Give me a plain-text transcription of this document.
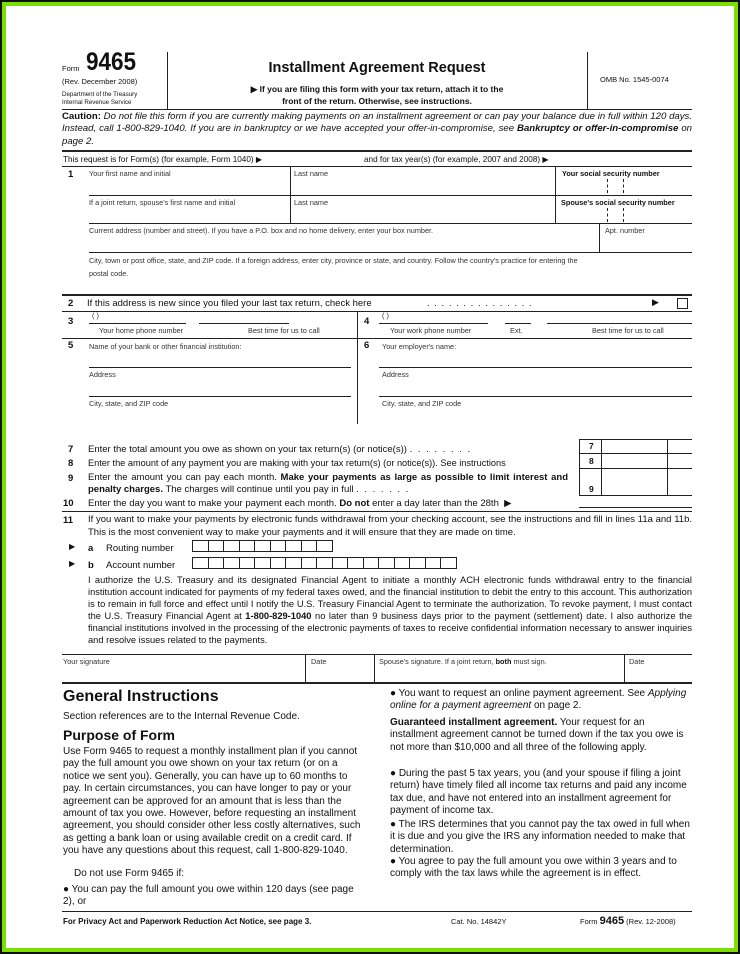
Form 9465
(Rev. December 2008)
Department of the Treasury
Internal Revenue Service
Installment Agreement Request
▶ If you are filing this form with your tax return, attach it to the
front of the return. Otherwise, see instructions.
OMB No. 1545-0074
Caution: Do not file this form if you are currently making payments on an installment agreement or can pay your balance due in full within 120 days. Instead, call 1-800-829-1040. If you are in bankruptcy or we have accepted your offer-in-compromise, see Bankruptcy or offer-in-compromise on page 2.
This request is for Form(s) (for example, Form 1040) ▶	and for tax year(s) (for example, 2007 and 2008) ▶
1 Your first name and initial	Last name	Your social security number
If a joint return, spouse's first name and initial	Last name	Spouse's social security number
Current address (number and street). If you have a P.O. box and no home delivery, enter your box number.	Apt. number
City, town or post office, state, and ZIP code. If a foreign address, enter city, province or state, and country. Follow the country's practice for entering the
postal code.
2 If this address is new since you filed your last tax return, check here	. . . . . . . . . . . . . . .	▶
3
( )
Your home phone number	Best time for us to call
4
( )
Your work phone number	Ext.	Best time for us to call
5 Name of your bank or other financial institution:
Address
City, state, and ZIP code
6 Your employer's name:
Address
City, state, and ZIP code
7
8
9
7 Enter the total amount you owe as shown on your tax return(s) (or notice(s)) . . . . . . . .
8 Enter the amount of any payment you are making with your tax return(s) (or notice(s)). See instructions
9 Enter the amount you can pay each month. Make your payments as large as possible to limit interest and penalty charges. The charges will continue until you pay in full . . . . . . .
10 Enter the day you want to make your payment each month. Do not enter a day later than the 28th  ▶
11 If you want to make your payments by electronic funds withdrawal from your checking account, see the instructions and fill in lines 11a and 11b. This is the most convenient way to make your payments and it will ensure that they are made on time.
▶ a Routing number
▶ b Account number
I authorize the U.S. Treasury and its designated Financial Agent to initiate a monthly ACH electronic funds withdrawal entry to the financial institution account indicated for payments of my federal taxes owed, and the financial institution to debit the entry to this account. This authorization is to remain in full force and effect until I notify the U.S. Treasury Financial Agent to terminate the authorization. To revoke payment, I must contact the U.S. Treasury Financial Agent at 1-800-829-1040 no later than 9 business days prior to the payment (settlement) date. I also authorize the financial institutions involved in the processing of the electronic payments of taxes to receive confidential information necessary to answer inquiries and resolve issues related to the payments.
Your signature	Date	Spouse's signature. If a joint return, both must sign.	Date
General Instructions
Section references are to the Internal Revenue Code.
Purpose of Form
Use Form 9465 to request a monthly installment plan if you cannot pay the full amount you owe shown on your tax return (or on a notice we sent you). Generally, you can have up to 60 months to pay. In certain circumstances, you can have longer to pay or your agreement can be approved for an amount that is less than the amount of tax you owe. However, before requesting an installment agreement, you should consider other less costly alternatives, such as getting a bank loan or using available credit on a credit card. If you have any questions about this request, call 1-800-829-1040.
Do not use Form 9465 if:
● You can pay the full amount you owe within 120 days (see page 2), or
● You want to request an online payment agreement. See Applying online for a payment agreement on page 2.
Guaranteed installment agreement. Your request for an installment agreement cannot be turned down if the tax you owe is not more than $10,000 and all three of the following apply.
● During the past 5 tax years, you (and your spouse if filing a joint return) have timely filed all income tax returns and paid any income tax due, and have not entered into an installment agreement for payment of income tax.
● The IRS determines that you cannot pay the tax owed in full when it is due and you give the IRS any information needed to make that determination.
● You agree to pay the full amount you owe within 3 years and to comply with the tax laws while the agreement is in effect.
For Privacy Act and Paperwork Reduction Act Notice, see page 3.	Cat. No. 14842Y	Form 9465 (Rev. 12-2008)
